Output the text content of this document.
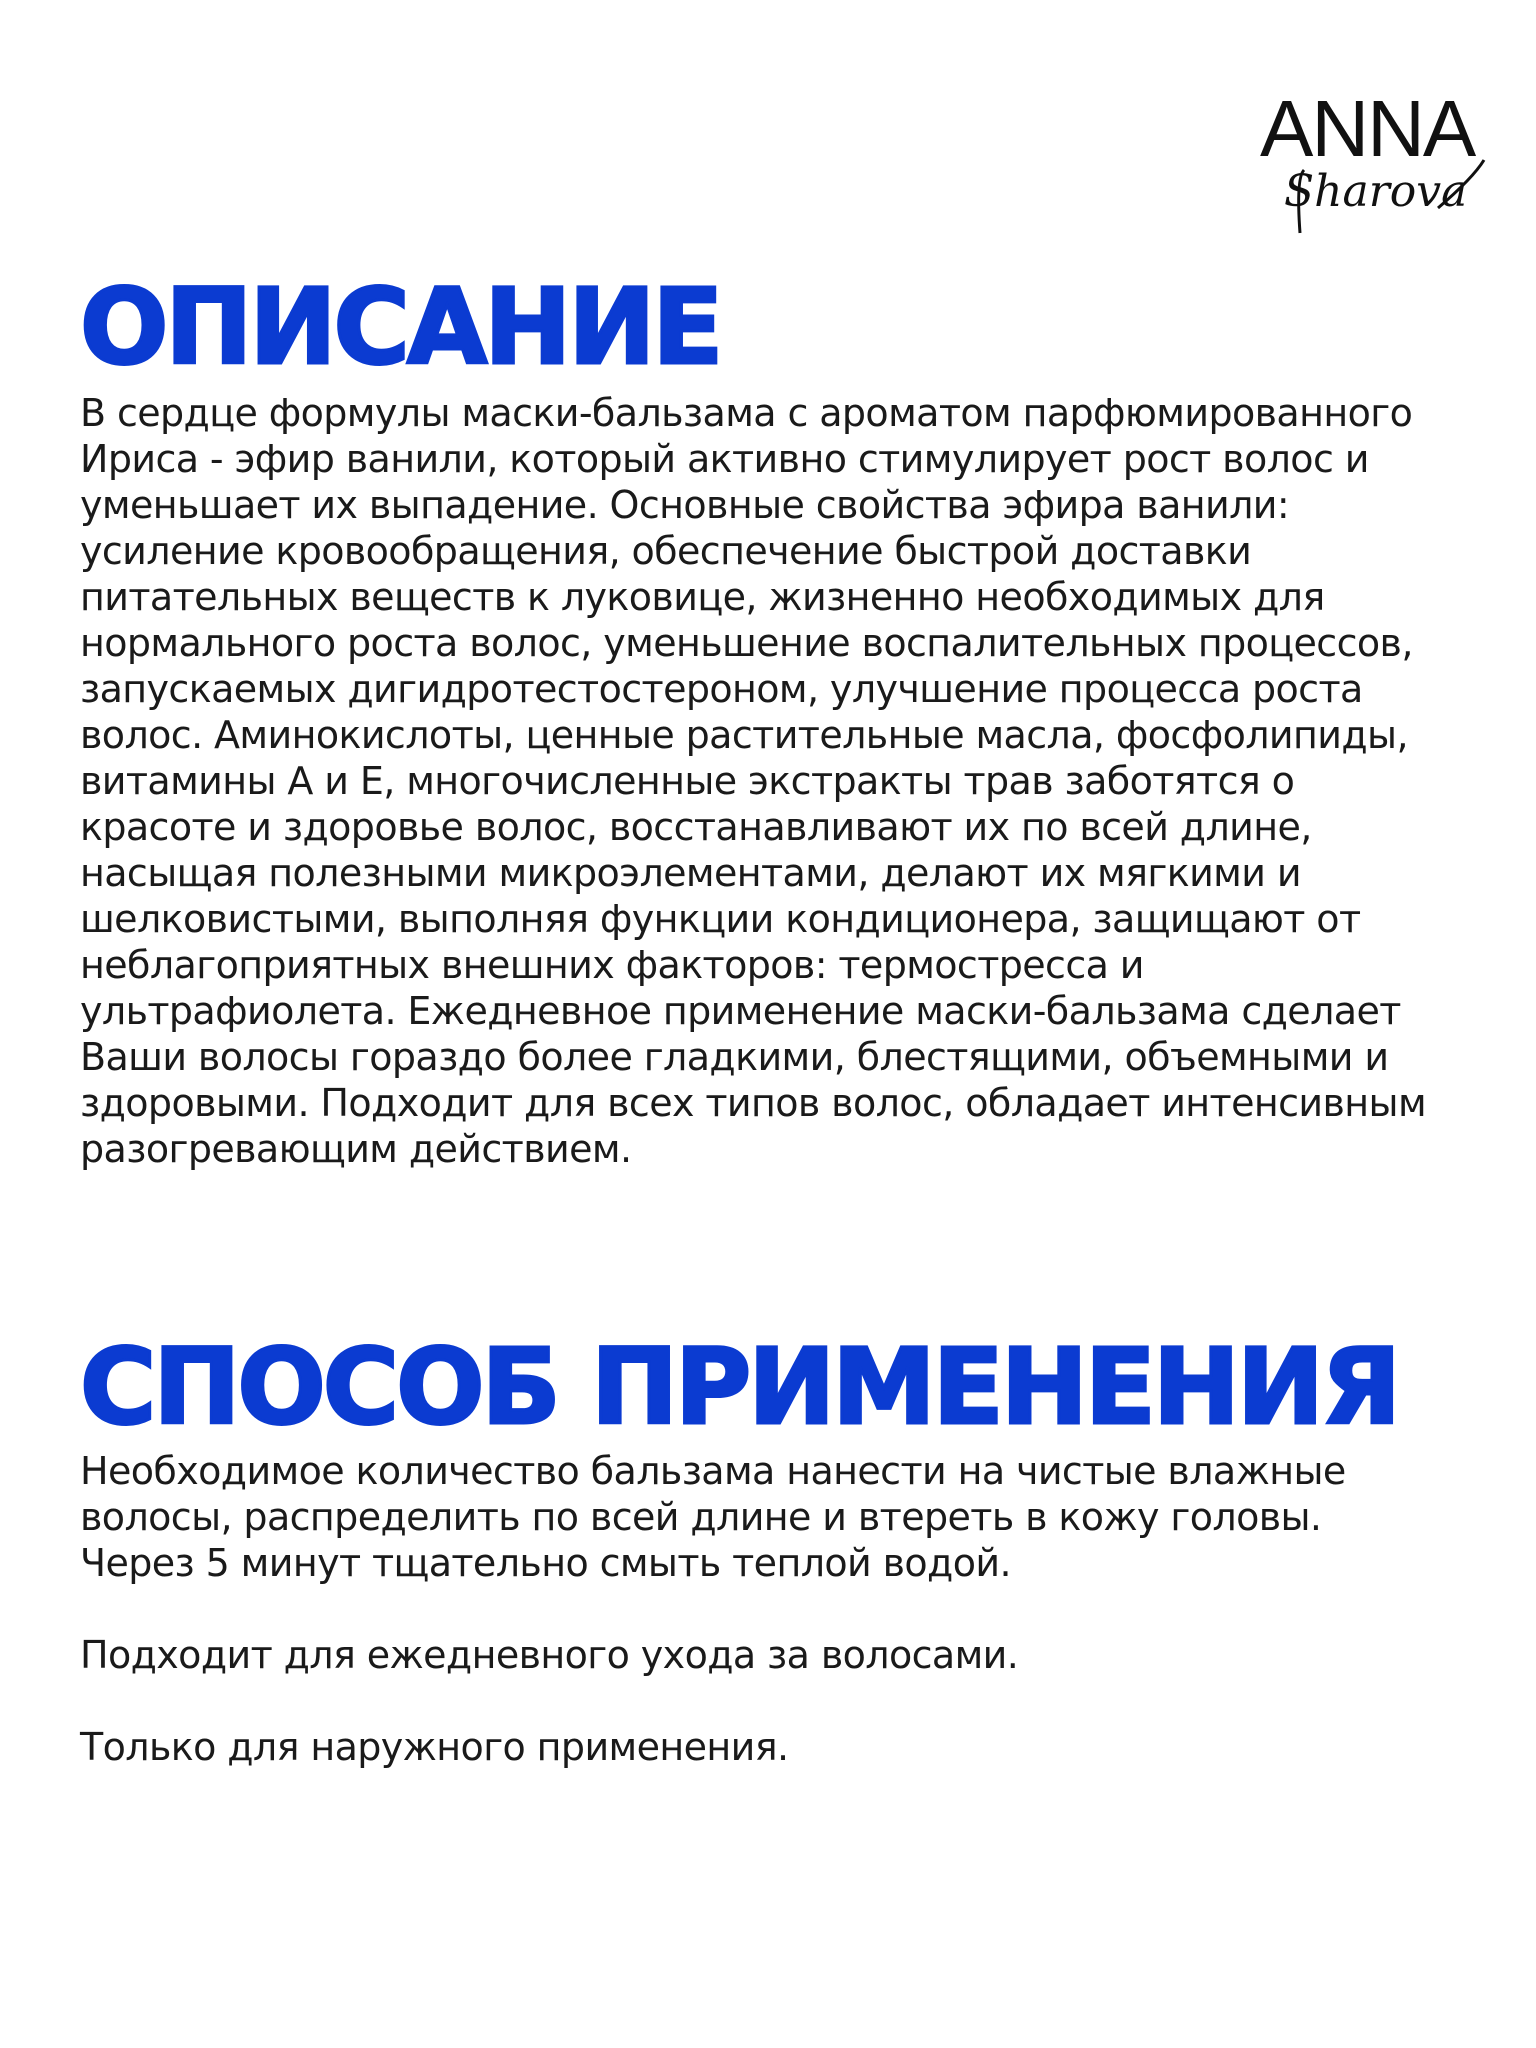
ANNA
Sharova
ОПИСАНИЕ

В сердце формулы маски-бальзама с ароматом парфюмированного Ириса - эфир ванили, который активно стимулирует рост волос и уменьшает их выпадение. Основные свойства эфира ванили: усиление кровообращения, обеспечение быстрой доставки питательных веществ к луковице, жизненно необходимых для нормального роста волос, уменьшение воспалительных процессов, запускаемых дигидротестостероном, улучшение процесса роста волос. Аминокислоты, ценные растительные масла, фосфолипиды, витамины А и Е, многочисленные экстракты трав заботятся о красоте и здоровье волос, восстанавливают их по всей длине, насыщая полезными микроэлементами, делают их мягкими и шелковистыми, выполняя функции кондиционера, защищают от неблагоприятных внешних факторов: термостресса и ультрафиолета. Ежедневное применение маски-бальзама сделает Ваши волосы гораздо более гладкими, блестящими, объемными и здоровыми. Подходит для всех типов волос, обладает интенсивным разогревающим действием.

СПОСОБ ПРИМЕНЕНИЯ

Необходимое количество бальзама нанести на чистые влажные волосы, распределить по всей длине и втереть в кожу головы.

Через 5 минут тщательно смыть теплой водой.

Подходит для ежедневного ухода за волосами.

Только для наружного применения.
